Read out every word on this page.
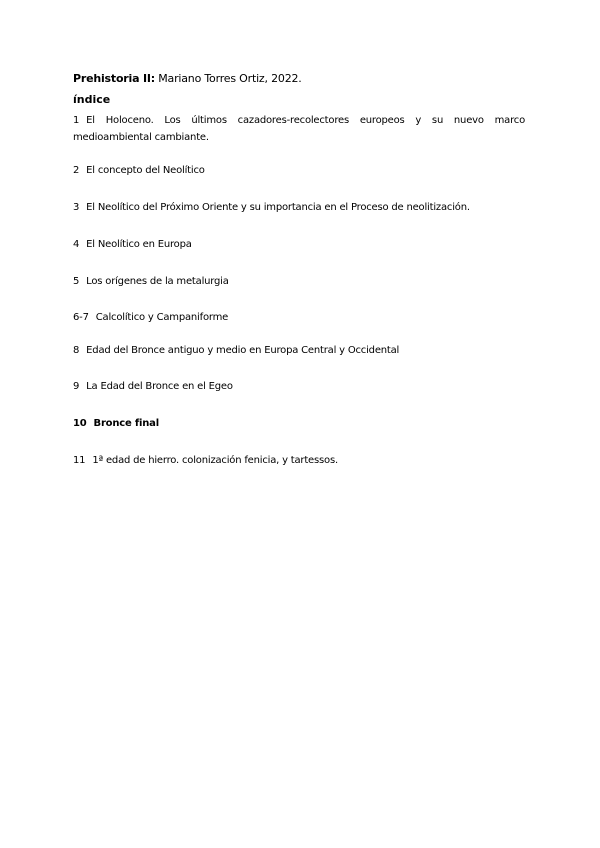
Prehistoria II: Mariano Torres Ortiz, 2022.
índice
1 El Holoceno. Los últimos cazadores-recolectores europeos y su nuevo marco medioambiental cambiante.
2 El concepto del Neolítico
3 El Neolítico del Próximo Oriente y su importancia en el Proceso de neolitización.
4 El Neolítico en Europa
5 Los orígenes de la metalurgia
6-7 Calcolítico y Campaniforme
8 Edad del Bronce antiguo y medio en Europa Central y Occidental
9 La Edad del Bronce en el Egeo
10 Bronce final
11 1ª edad de hierro. colonización fenicia, y tartessos.
